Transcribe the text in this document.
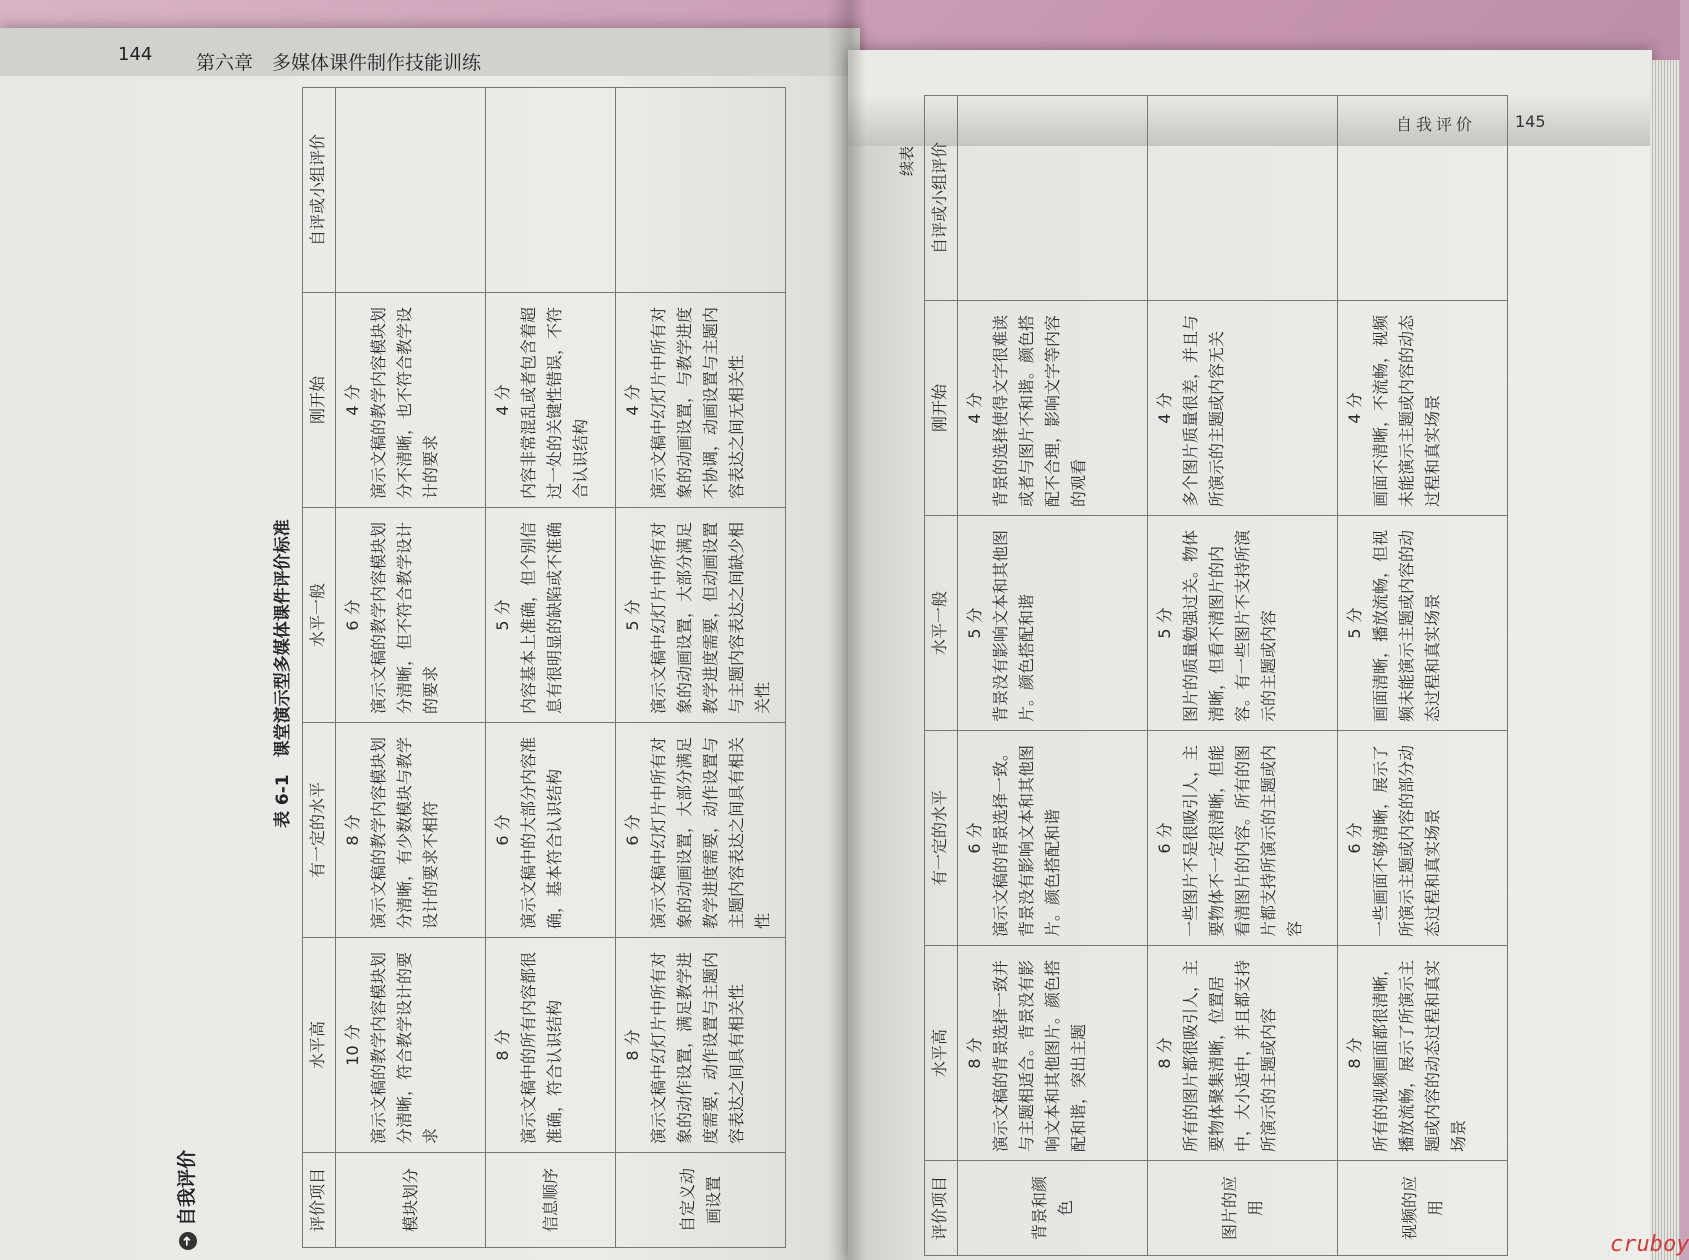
144 第六章　多媒体课件制作技能训练
➜自我评价
表 6-1　课堂演示型多媒体课件评价标准
评价项目	水平高	有一定的水平	水平一般	刚开始	自评或小组评价
模块划分	10 分 演示文稿的教学内容模块划分清晰，符合教学设计的要求	8 分 演示文稿的教学内容模块划分清晰，有少数模块与教学设计的要求不相符	6 分 演示文稿的教学内容模块划分清晰，但不符合教学设计的要求	4 分 演示文稿的教学内容模块划分不清晰，也不符合教学设计的要求	
信息顺序	8 分 演示文稿中的所有内容都很准确，符合认识结构	6 分 演示文稿中的大部分内容准确，基本符合认识结构	5 分 内容基本上准确，但个别信息有很明显的缺陷或不准确	4 分 内容非常混乱或者包含着超过一处的关键性错误，不符合认识结构	
自定义动画设置	8 分 演示文稿中幻灯片中所有对象的动作设置，满足教学进度需要，动作设置与主题内容表达之间具有相关性	6 分 演示文稿中幻灯片中所有对象的动画设置，大部分满足教学进度需要，动作设置与主题内容表达之间具有相关性	5 分 演示文稿中幻灯片中所有对象的动画设置，大部分满足教学进度需要，但动画设置与主题内容表达之间缺少相关性	4 分 演示文稿中幻灯片中所有对象的动画设置，与教学进度不协调，动画设置与主题内容表达之间无相关性	
自我评价 145
续表
评价项目	水平高	有一定的水平	水平一般	刚开始	自评或小组评价
背景和颜色	8 分 演示文稿的背景选择一致并与主题相适合。背景没有影响文本和其他图片。颜色搭配和谐，突出主题	6 分 演示文稿的背景选择一致。背景没有影响文本和其他图片。颜色搭配和谐	5 分 背景没有影响文本和其他图片。颜色搭配和谐	4 分 背景的选择使得文字很难读或者与图片不和谐。颜色搭配不合理，影响文字等内容的观看	
图片的应用	8 分 所有的图片都很吸引人，主要物体聚集清晰，位置居中，大小适中，并且都支持所演示的主题或内容	6 分 一些图片不是很吸引人，主要物体不一定很清晰，但能看清图片的内容。所有的图片都支持所演示的主题或内容	5 分 图片的质量勉强过关。物体清晰，但看不清图片的内容。有一些图片不支持所演示的主题或内容	4 分 多个图片质量很差，并且与所演示的主题或内容无关	
视频的应用	8 分 所有的视频画面都很清晰，播放流畅，展示了所演示主题或内容的动态过程和真实场景	6 分 一些画面不够清晰，展示了所演示主题或内容的部分动态过程和真实场景	5 分 画面清晰，播放流畅，但视频未能演示主题或内容的动态过程和真实场景	4 分 画面不清晰，不流畅，视频未能演示主题或内容的动态过程和真实场景	
cruboy
